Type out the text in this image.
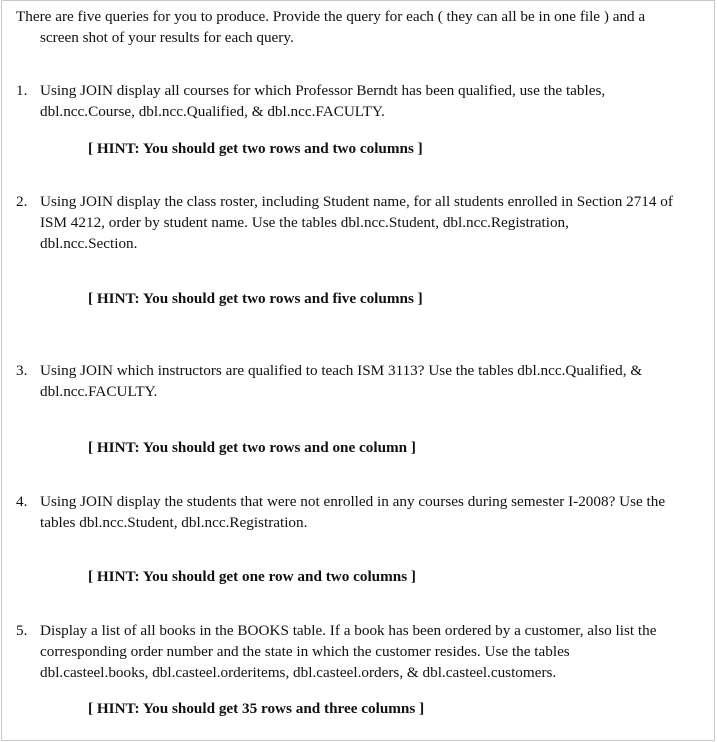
There are five queries for you to produce. Provide the query for each ( they can all be in one file ) and a
screen shot of your results for each query.
1. Using JOIN display all courses for which Professor Berndt has been qualified, use the tables,
dbl.ncc.Course, dbl.ncc.Qualified, & dbl.ncc.FACULTY.
[ HINT: You should get two rows and two columns ]
2. Using JOIN display the class roster, including Student name, for all students enrolled in Section 2714 of
ISM 4212, order by student name. Use the tables dbl.ncc.Student, dbl.ncc.Registration,
dbl.ncc.Section.
[ HINT: You should get two rows and five columns ]
3. Using JOIN which instructors are qualified to teach ISM 3113? Use the tables dbl.ncc.Qualified, &
dbl.ncc.FACULTY.
[ HINT: You should get two rows and one column ]
4. Using JOIN display the students that were not enrolled in any courses during semester I-2008? Use the
tables dbl.ncc.Student, dbl.ncc.Registration.
[ HINT: You should get one row and two columns ]
5. Display a list of all books in the BOOKS table. If a book has been ordered by a customer, also list the
corresponding order number and the state in which the customer resides. Use the tables
dbl.casteel.books, dbl.casteel.orderitems, dbl.casteel.orders, & dbl.casteel.customers.
[ HINT: You should get 35 rows and three columns ]
